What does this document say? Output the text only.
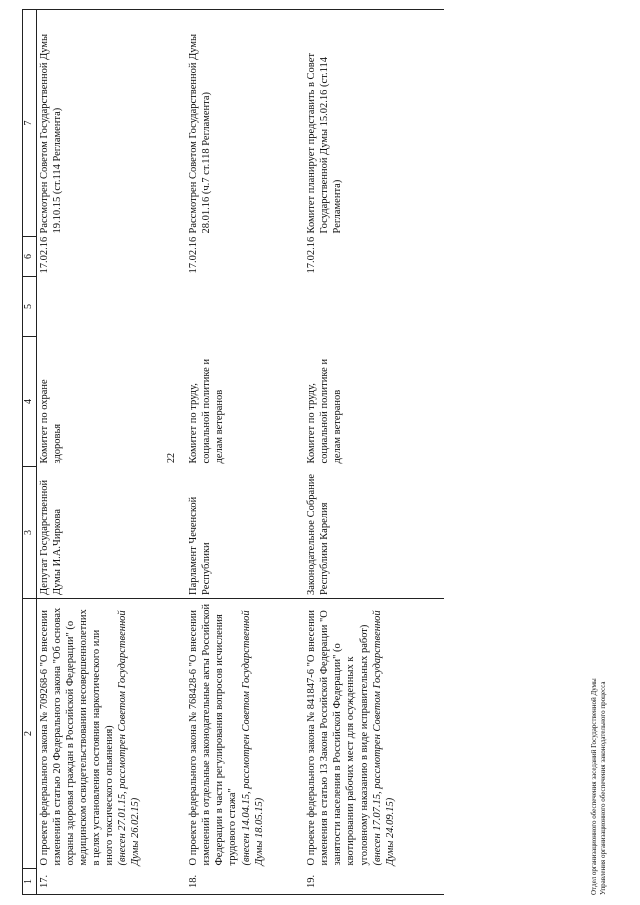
22
1	2	3	4	5	6	7
17.	О проекте федерального закона № 709268-6 "О внесении изменений в статью 20 Федерального закона "Об основах охраны здоровья граждан в Российской Федерации" (о медицинском освидетельствовании несовершеннолетних в целях установления состояния наркотического или иного токсического опьянения) (внесен 27.01.15, рассмотрен Советом Государственной Думы 26.02.15)	Депутат Государственной Думы И.А.Чиркова	Комитет по охране здоровья		17.02.16	Рассмотрен Советом Государственной Думы 19.10.15 (ст.114 Регламента)
18.	О проекте федерального закона № 768428-6 "О внесении изменений в отдельные законодательные акты Российской Федерации в части регулирования вопросов исчисления трудового стажа" (внесен 14.04.15, рассмотрен Советом Государственной Думы 18.05.15)	Парламент Чеченской Республики	Комитет по труду, социальной политике и делам ветеранов		17.02.16	Рассмотрен Советом Государственной Думы 28.01.16 (ч.7 ст.118 Регламента)
19.	О проекте федерального закона № 841847-6 "О внесении изменения в статью 13 Закона Российской Федерации "О занятости населения в Российской Федерации" (о квотировании рабочих мест для осужденных к уголовному наказанию в виде исправительных работ) (внесен 17.07.15, рассмотрен Советом Государственной Думы 24.09.15)	Законодательное Собрание Республики Карелия	Комитет по труду, социальной политике и делам ветеранов		17.02.16	Комитет планирует представить в Совет Государственной Думы 15.02.16 (ст.114 Регламента)
Отдел организационного обеспечения заседаний Государственной Думы Управления организационного обеспечения законодательного процесса
